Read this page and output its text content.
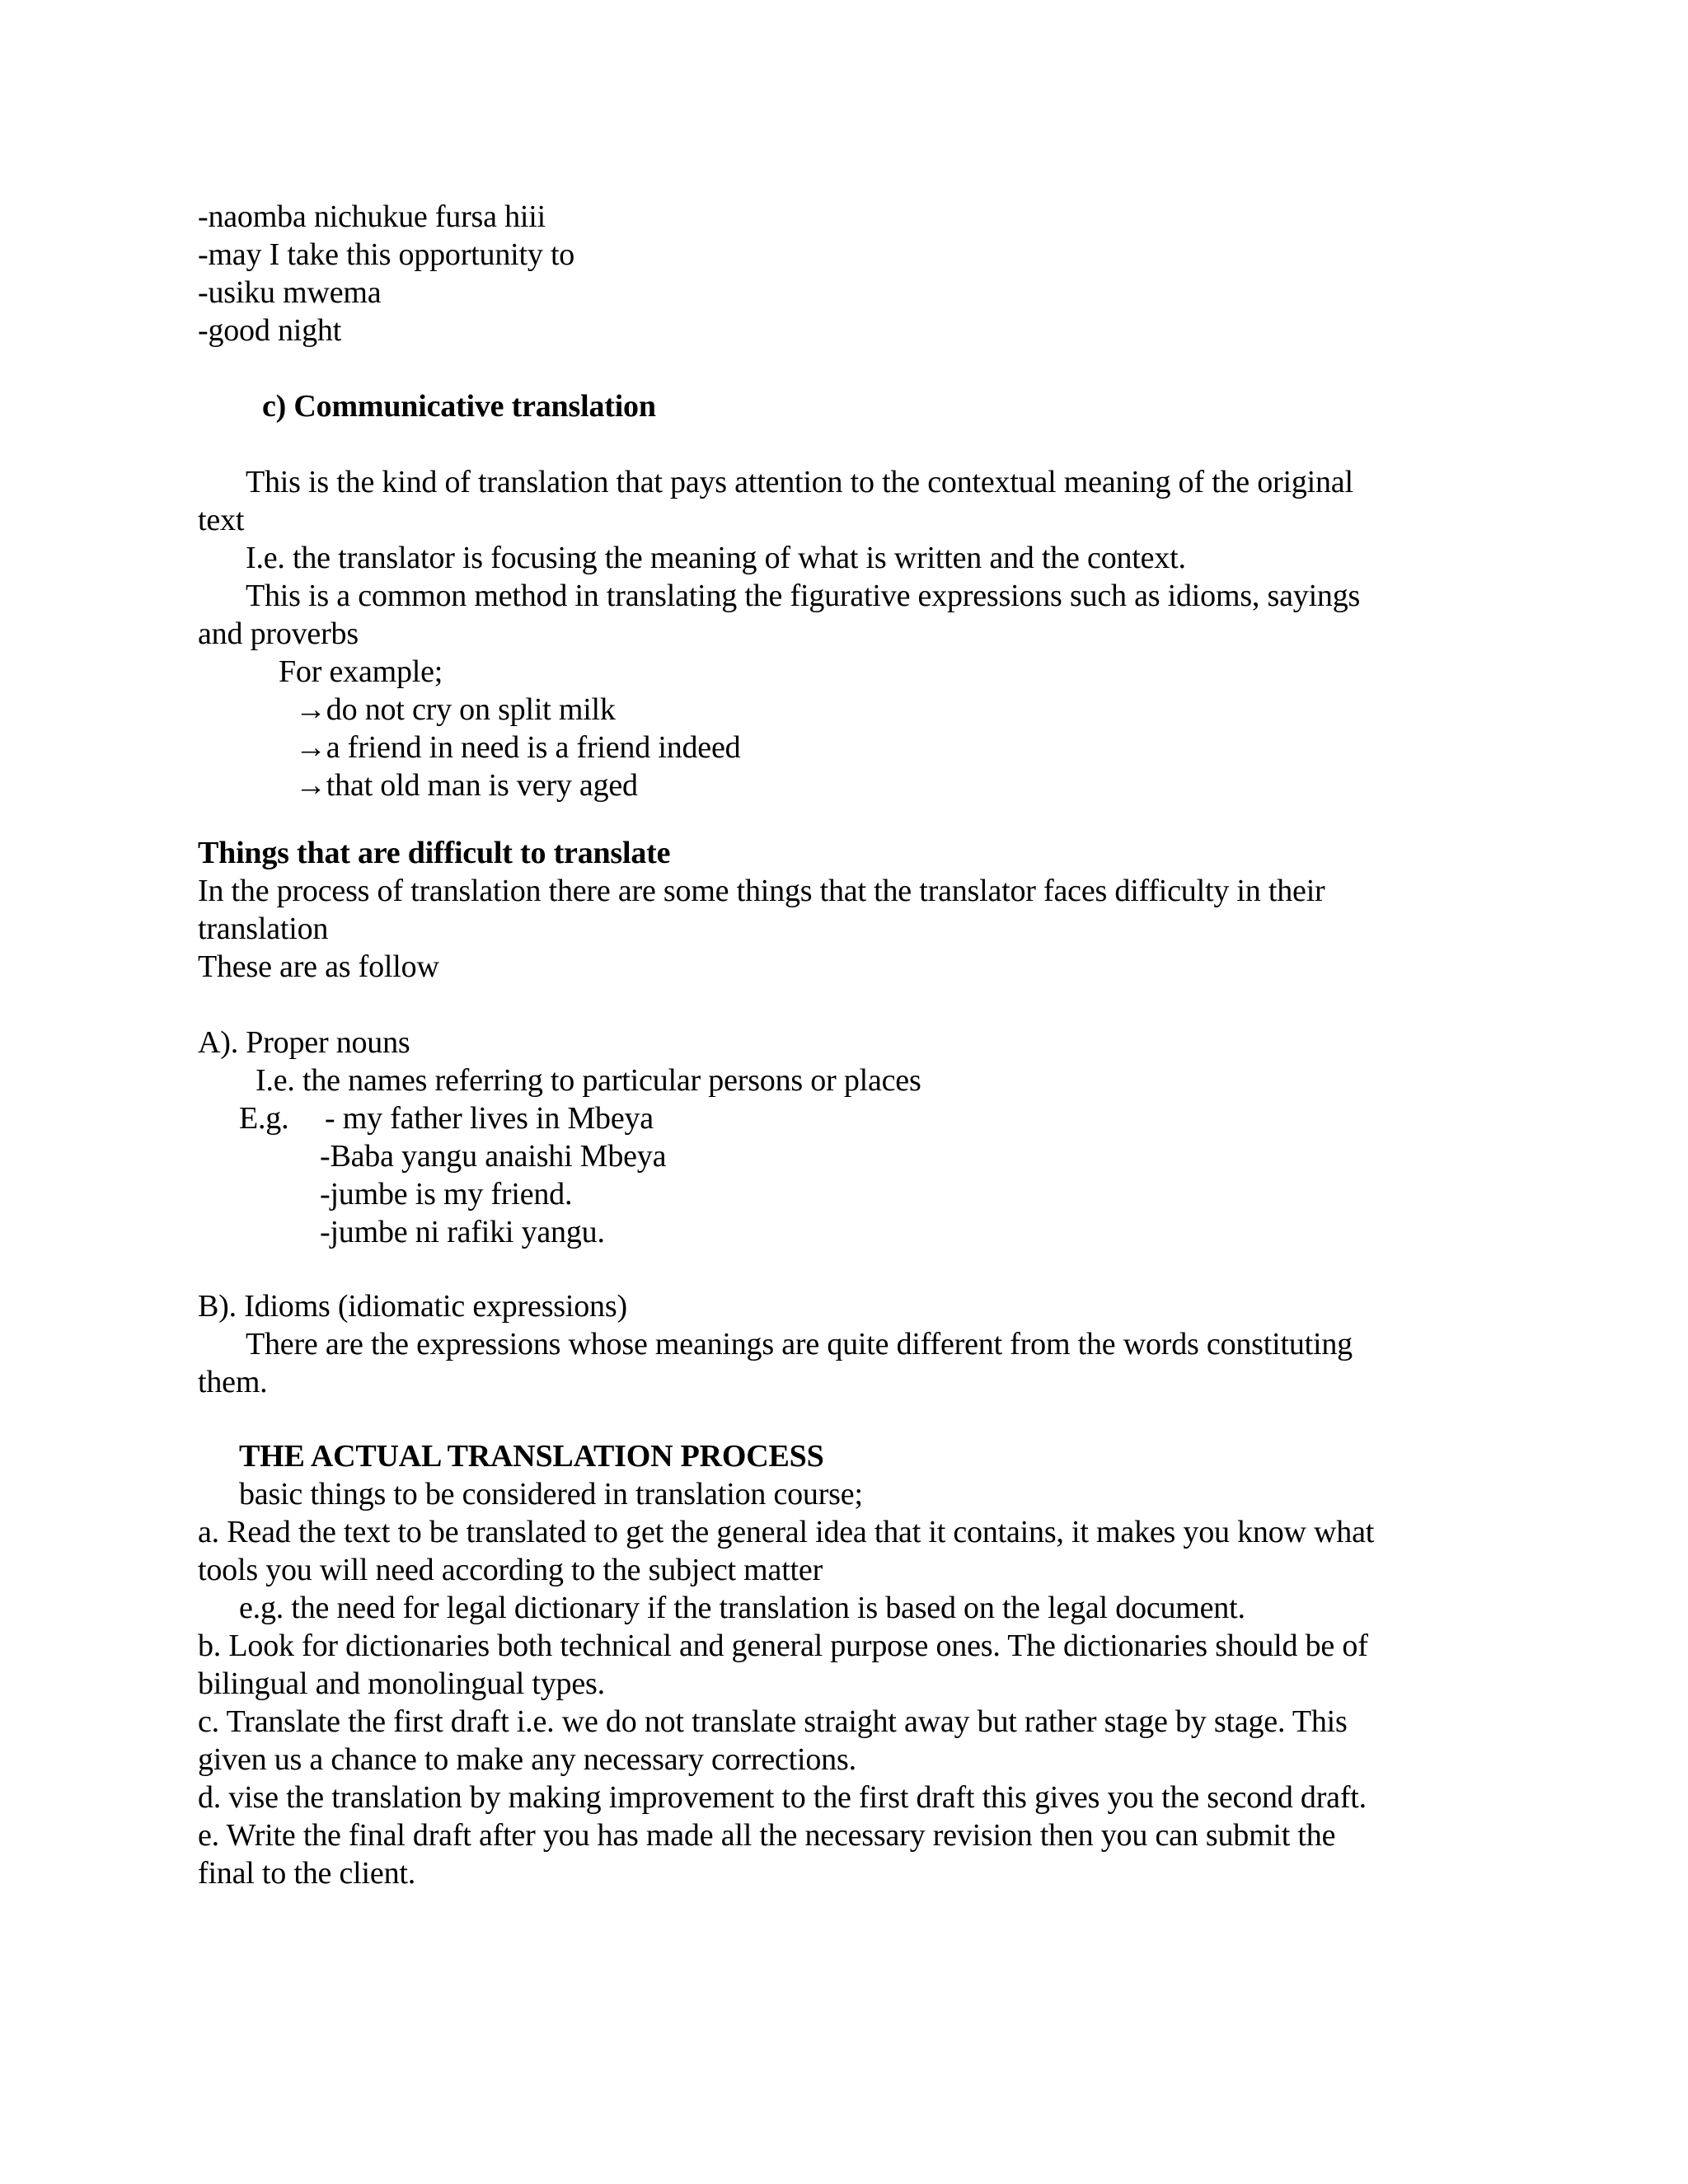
-naomba nichukue fursa hiii
-may I take this opportunity to
-usiku mwema
-good night
c) Communicative translation
This is the kind of translation that pays attention to the contextual meaning of the original
text
I.e. the translator is focusing the meaning of what is written and the context.
This is a common method in translating the figurative expressions such as idioms, sayings
and proverbs
For example;
→do not cry on split milk
→a friend in need is a friend indeed
→that old man is very aged
Things that are difficult to translate
In the process of translation there are some things that the translator faces difficulty in their
translation
These are as follow
A). Proper nouns
I.e. the names referring to particular persons or places
E.g. - my father lives in Mbeya
-Baba yangu anaishi Mbeya
-jumbe is my friend.
-jumbe ni rafiki yangu.
B). Idioms (idiomatic expressions)
There are the expressions whose meanings are quite different from the words constituting
them.
THE ACTUAL TRANSLATION PROCESS
basic things to be considered in translation course;
a. Read the text to be translated to get the general idea that it contains, it makes you know what
tools you will need according to the subject matter
e.g. the need for legal dictionary if the translation is based on the legal document.
b. Look for dictionaries both technical and general purpose ones. The dictionaries should be of
bilingual and monolingual types.
c. Translate the first draft i.e. we do not translate straight away but rather stage by stage. This
given us a chance to make any necessary corrections.
d. vise the translation by making improvement to the first draft this gives you the second draft.
e. Write the final draft after you has made all the necessary revision then you can submit the
final to the client.
